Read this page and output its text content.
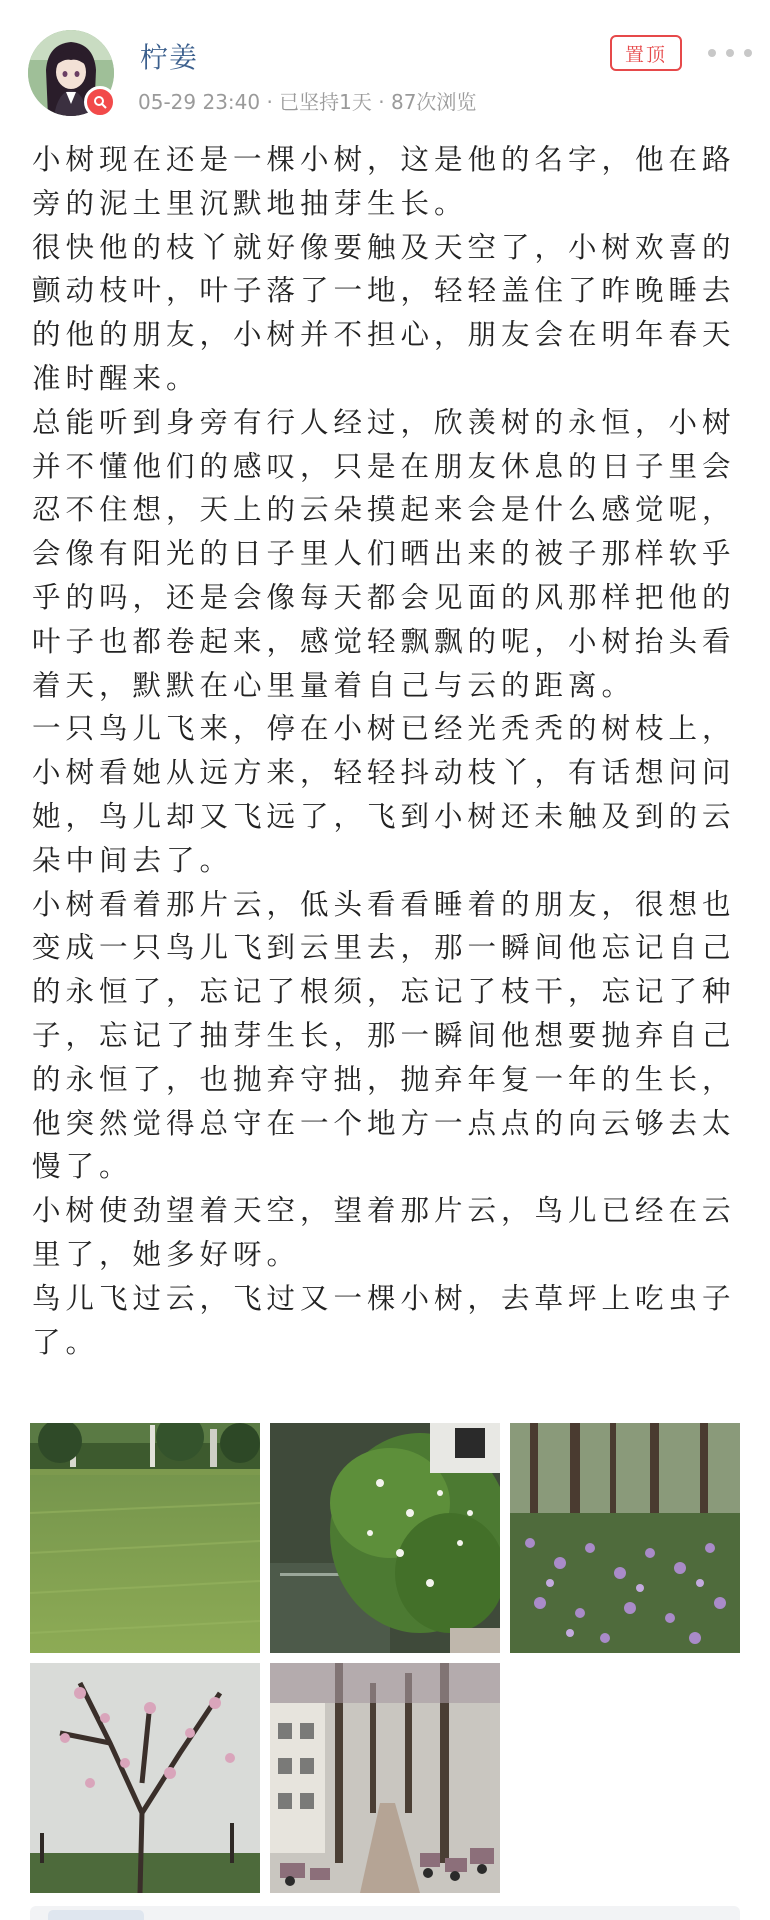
柠姜
05-29 23:40 · 已坚持1天 · 87次浏览
置顶

小树现在还是一棵小树，这是他的名字，他在路旁的泥土里沉默地抽芽生长。

很快他的枝丫就好像要触及天空了，小树欢喜的颤动枝叶，叶子落了一地，轻轻盖住了昨晚睡去的他的朋友，小树并不担心，朋友会在明年春天准时醒来。

总能听到身旁有行人经过，欣羡树的永恒，小树并不懂他们的感叹，只是在朋友休息的日子里会忍不住想，天上的云朵摸起来会是什么感觉呢，会像有阳光的日子里人们晒出来的被子那样软乎乎的吗，还是会像每天都会见面的风那样把他的叶子也都卷起来，感觉轻飘飘的呢，小树抬头看着天，默默在心里量着自己与云的距离。

一只鸟儿飞来，停在小树已经光秃秃的树枝上，小树看她从远方来，轻轻抖动枝丫，有话想问问她，鸟儿却又飞远了，飞到小树还未触及到的云朵中间去了。

小树看着那片云，低头看看睡着的朋友，很想也变成一只鸟儿飞到云里去，那一瞬间他忘记自己的永恒了，忘记了根须，忘记了枝干，忘记了种子，忘记了抽芽生长，那一瞬间他想要抛弃自己的永恒了，也抛弃守拙，抛弃年复一年的生长，他突然觉得总守在一个地方一点点的向云够去太慢了。

小树使劲望着天空，望着那片云，鸟儿已经在云里了，她多好呀。

鸟儿飞过云，飞过又一棵小树，去草坪上吃虫子了。
